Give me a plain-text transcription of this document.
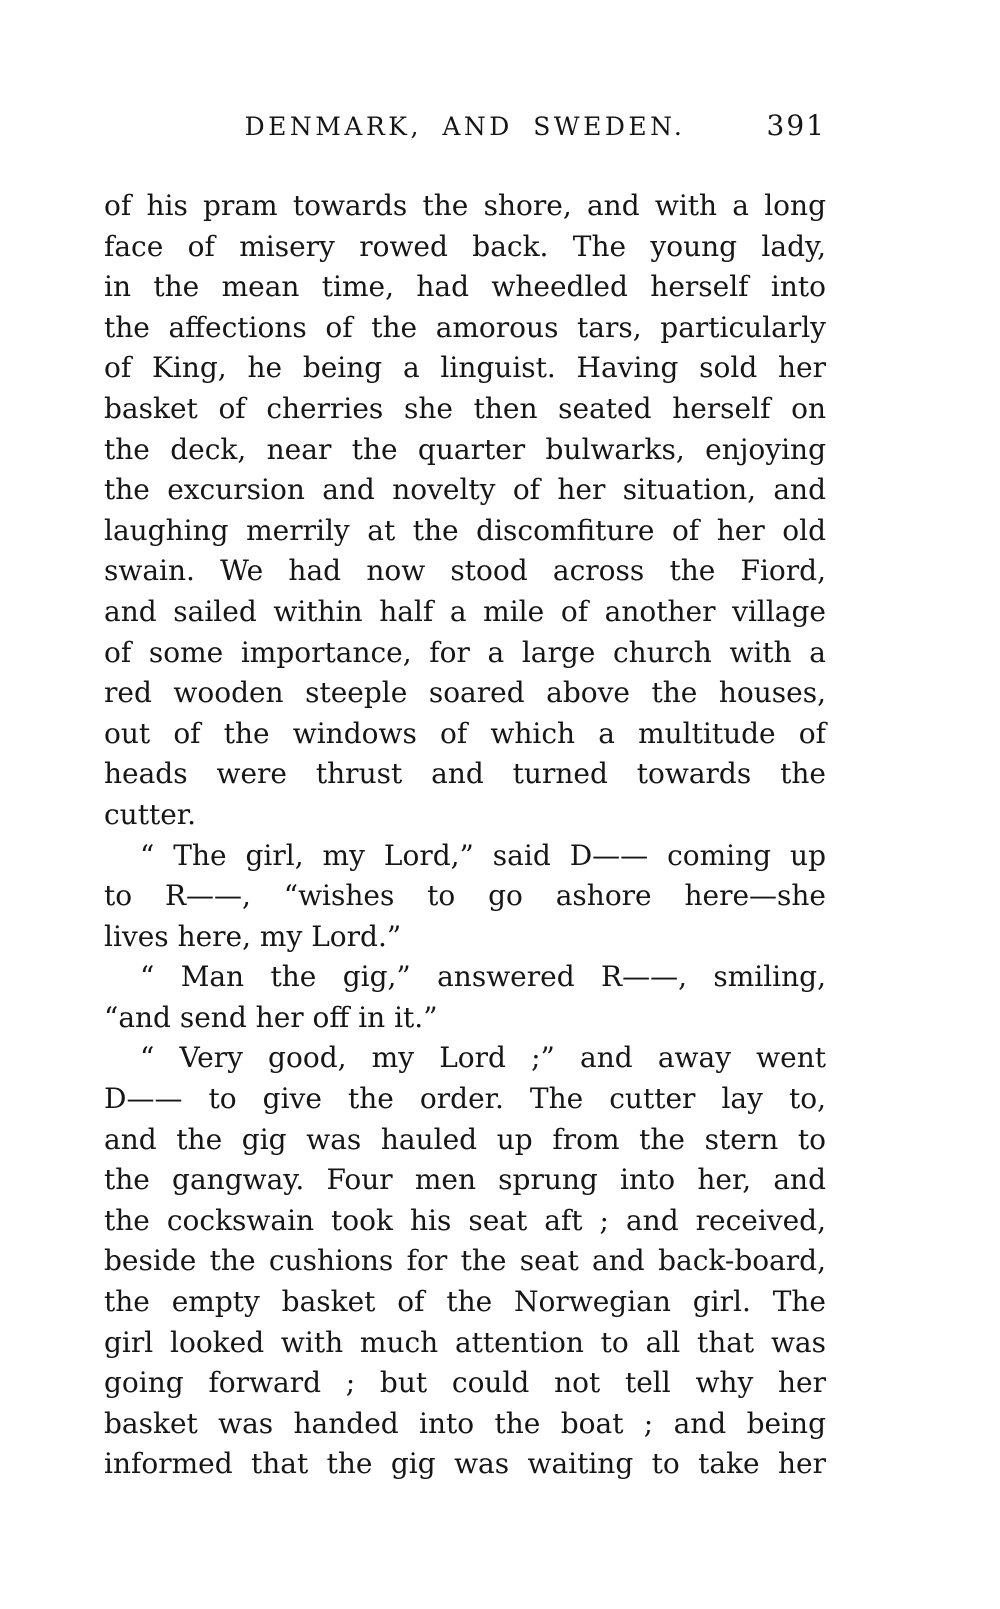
DENMARK, AND SWEDEN.	391
of his pram towards the shore, and with a long
face of misery rowed back. The young lady,
in the mean time, had wheedled herself into
the affections of the amorous tars, particularly
of King, he being a linguist. Having sold her
basket of cherries she then seated herself on
the deck, near the quarter bulwarks, enjoying
the excursion and novelty of her situation, and
laughing merrily at the discomfiture of her old
swain. We had now stood across the Fiord,
and sailed within half a mile of another village
of some importance, for a large church with a
red wooden steeple soared above the houses,
out of the windows of which a multitude of
heads were thrust and turned towards the
cutter.
“ The girl, my Lord,” said D—— coming up
to R——, “wishes to go ashore here—she
lives here, my Lord.”
“ Man the gig,” answered R——, smiling,
“and send her off in it.”
“ Very good, my Lord ;” and away went
D—— to give the order. The cutter lay to,
and the gig was hauled up from the stern to
the gangway. Four men sprung into her, and
the cockswain took his seat aft ; and received,
beside the cushions for the seat and back-board,
the empty basket of the Norwegian girl. The
girl looked with much attention to all that was
going forward ; but could not tell why her
basket was handed into the boat ; and being
informed that the gig was waiting to take her
